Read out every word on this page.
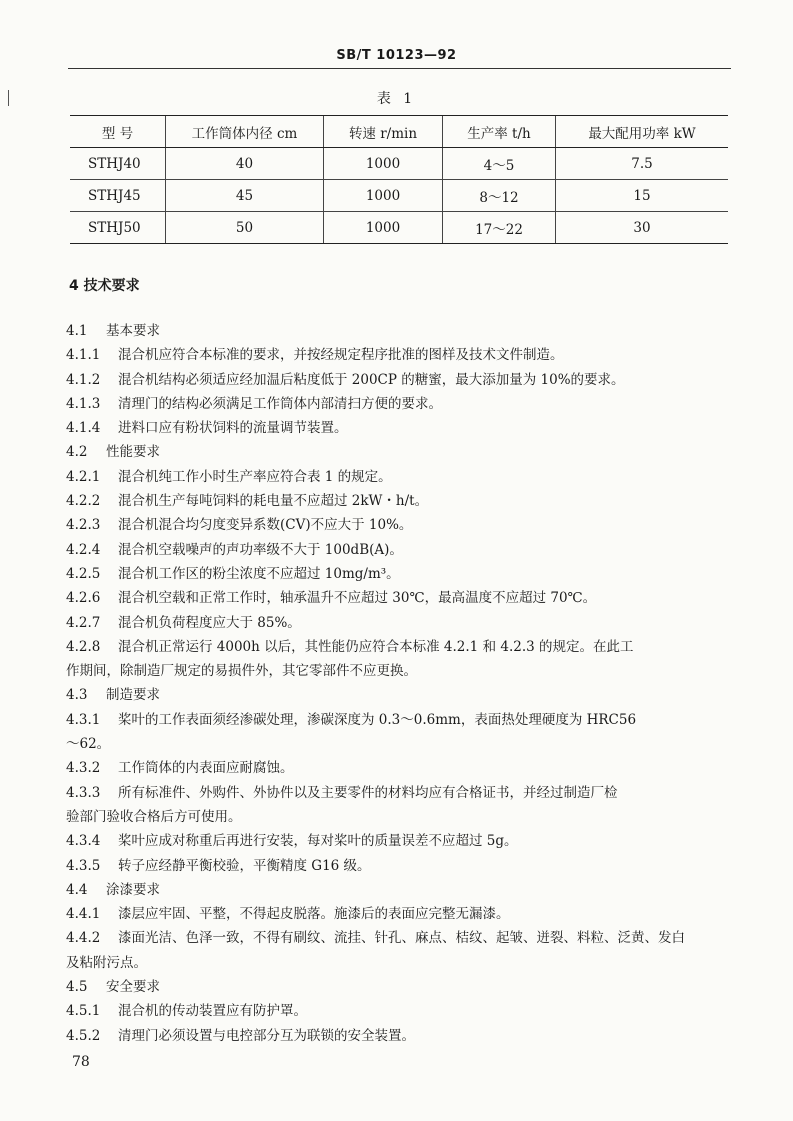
SB/T 10123—92
表 1
型 号	工作筒体内径 cm	转速 r/min	生产率 t/h	最大配用功率 kW
STHJ40	40	1000	4～5	7.5
STHJ45	45	1000	8～12	15
STHJ50	50	1000	17～22	30
4 技术要求
4.1 基本要求
4.1.1 混合机应符合本标准的要求，并按经规定程序批准的图样及技术文件制造。
4.1.2 混合机结构必须适应经加温后粘度低于 200CP 的糖蜜，最大添加量为 10%的要求。
4.1.3 清理门的结构必须满足工作筒体内部清扫方便的要求。
4.1.4 进料口应有粉状饲料的流量调节装置。
4.2 性能要求
4.2.1 混合机纯工作小时生产率应符合表 1 的规定。
4.2.2 混合机生产每吨饲料的耗电量不应超过 2kW・h/t。
4.2.3 混合机混合均匀度变异系数(CV)不应大于 10%。
4.2.4 混合机空载噪声的声功率级不大于 100dB(A)。
4.2.5 混合机工作区的粉尘浓度不应超过 10mg/m³。
4.2.6 混合机空载和正常工作时，轴承温升不应超过 30℃，最高温度不应超过 70℃。
4.2.7 混合机负荷程度应大于 85%。
4.2.8 混合机正常运行 4000h 以后，其性能仍应符合本标准 4.2.1 和 4.2.3 的规定。在此工
作期间，除制造厂规定的易损件外，其它零部件不应更换。
4.3 制造要求
4.3.1 桨叶的工作表面须经渗碳处理，渗碳深度为 0.3～0.6mm，表面热处理硬度为 HRC56
～62。
4.3.2 工作筒体的内表面应耐腐蚀。
4.3.3 所有标准件、外购件、外协件以及主要零件的材料均应有合格证书，并经过制造厂检
验部门验收合格后方可使用。
4.3.4 桨叶应成对称重后再进行安装，每对桨叶的质量误差不应超过 5g。
4.3.5 转子应经静平衡校验，平衡精度 G16 级。
4.4 涂漆要求
4.4.1 漆层应牢固、平整，不得起皮脱落。施漆后的表面应完整无漏漆。
4.4.2 漆面光洁、色泽一致，不得有刷纹、流挂、针孔、麻点、桔纹、起皱、迸裂、料粒、泛黄、发白
及粘附污点。
4.5 安全要求
4.5.1 混合机的传动装置应有防护罩。
4.5.2 清理门必须设置与电控部分互为联锁的安全装置。
78
